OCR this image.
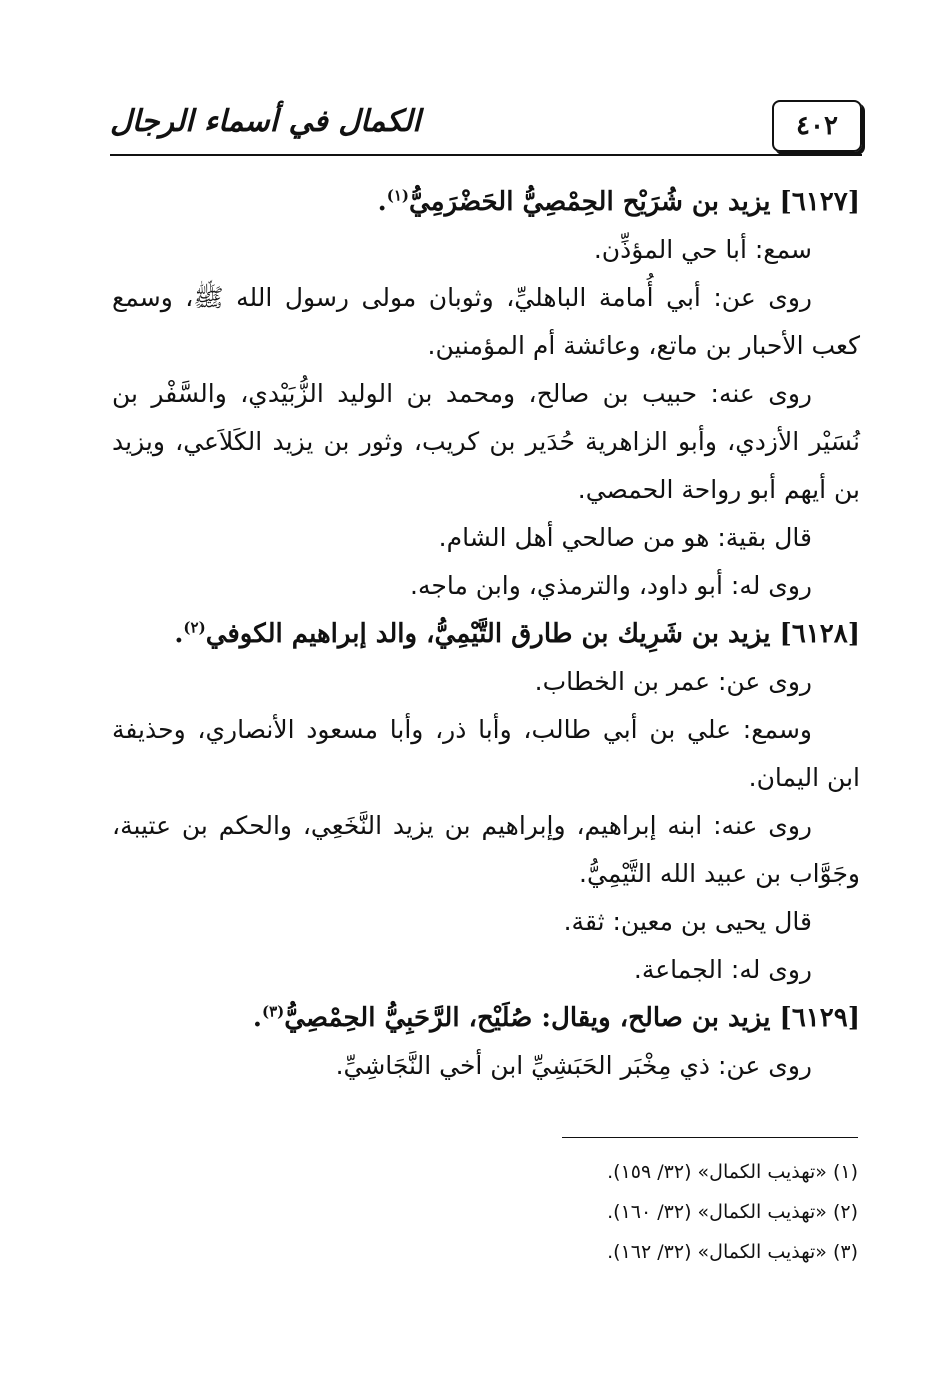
الكمال في أسماء الرجال	٤٠٢

[٦١٢٧] يزيد بن شُرَيْح الحِمْصِيُّ الحَضْرَمِيُّ$^{(١)}$.

سمع: أبا حي المؤذِّن.

روى عن: أبي أُمامة الباهليِّ، وثوبان مولى رسول الله ﷺ، وسمع كعب الأحبار بن ماتع، وعائشة أم المؤمنين.

روى عنه: حبيب بن صالح، ومحمد بن الوليد الزُّبَيْدي، والسَّفْر بن نُسَيْر الأزدي، وأبو الزاهرية حُدَير بن كريب، وثور بن يزيد الكَلاَعي، ويزيد بن أيهم أبو رواحة الحمصي.

قال بقية: هو من صالحي أهل الشام.

روى له: أبو داود، والترمذي، وابن ماجه.

[٦١٢٨] يزيد بن شَرِيك بن طارق التَّيْمِيُّ، والد إبراهيم الكوفي$^{(٢)}$.

روى عن: عمر بن الخطاب.

وسمع: علي بن أبي طالب، وأبا ذر، وأبا مسعود الأنصاري، وحذيفة ابن اليمان.

روى عنه: ابنه إبراهيم، وإبراهيم بن يزيد النَّخَعِي، والحكم بن عتيبة، وجَوَّاب بن عبيد الله التَّيْمِيُّ.

قال يحيى بن معين: ثقة.

روى له: الجماعة.

[٦١٢٩] يزيد بن صالح، ويقال: صُلَيْح، الرَّحَبِيُّ الحِمْصِيُّ$^{(٣)}$.

روى عن: ذي مِخْبَر الحَبَشِيِّ ابن أخي النَّجَاشِيِّ.

(١) «تهذيب الكمال» (٣٢/ ١٥٩).

(٢) «تهذيب الكمال» (٣٢/ ١٦٠).

(٣) «تهذيب الكمال» (٣٢/ ١٦٢).
